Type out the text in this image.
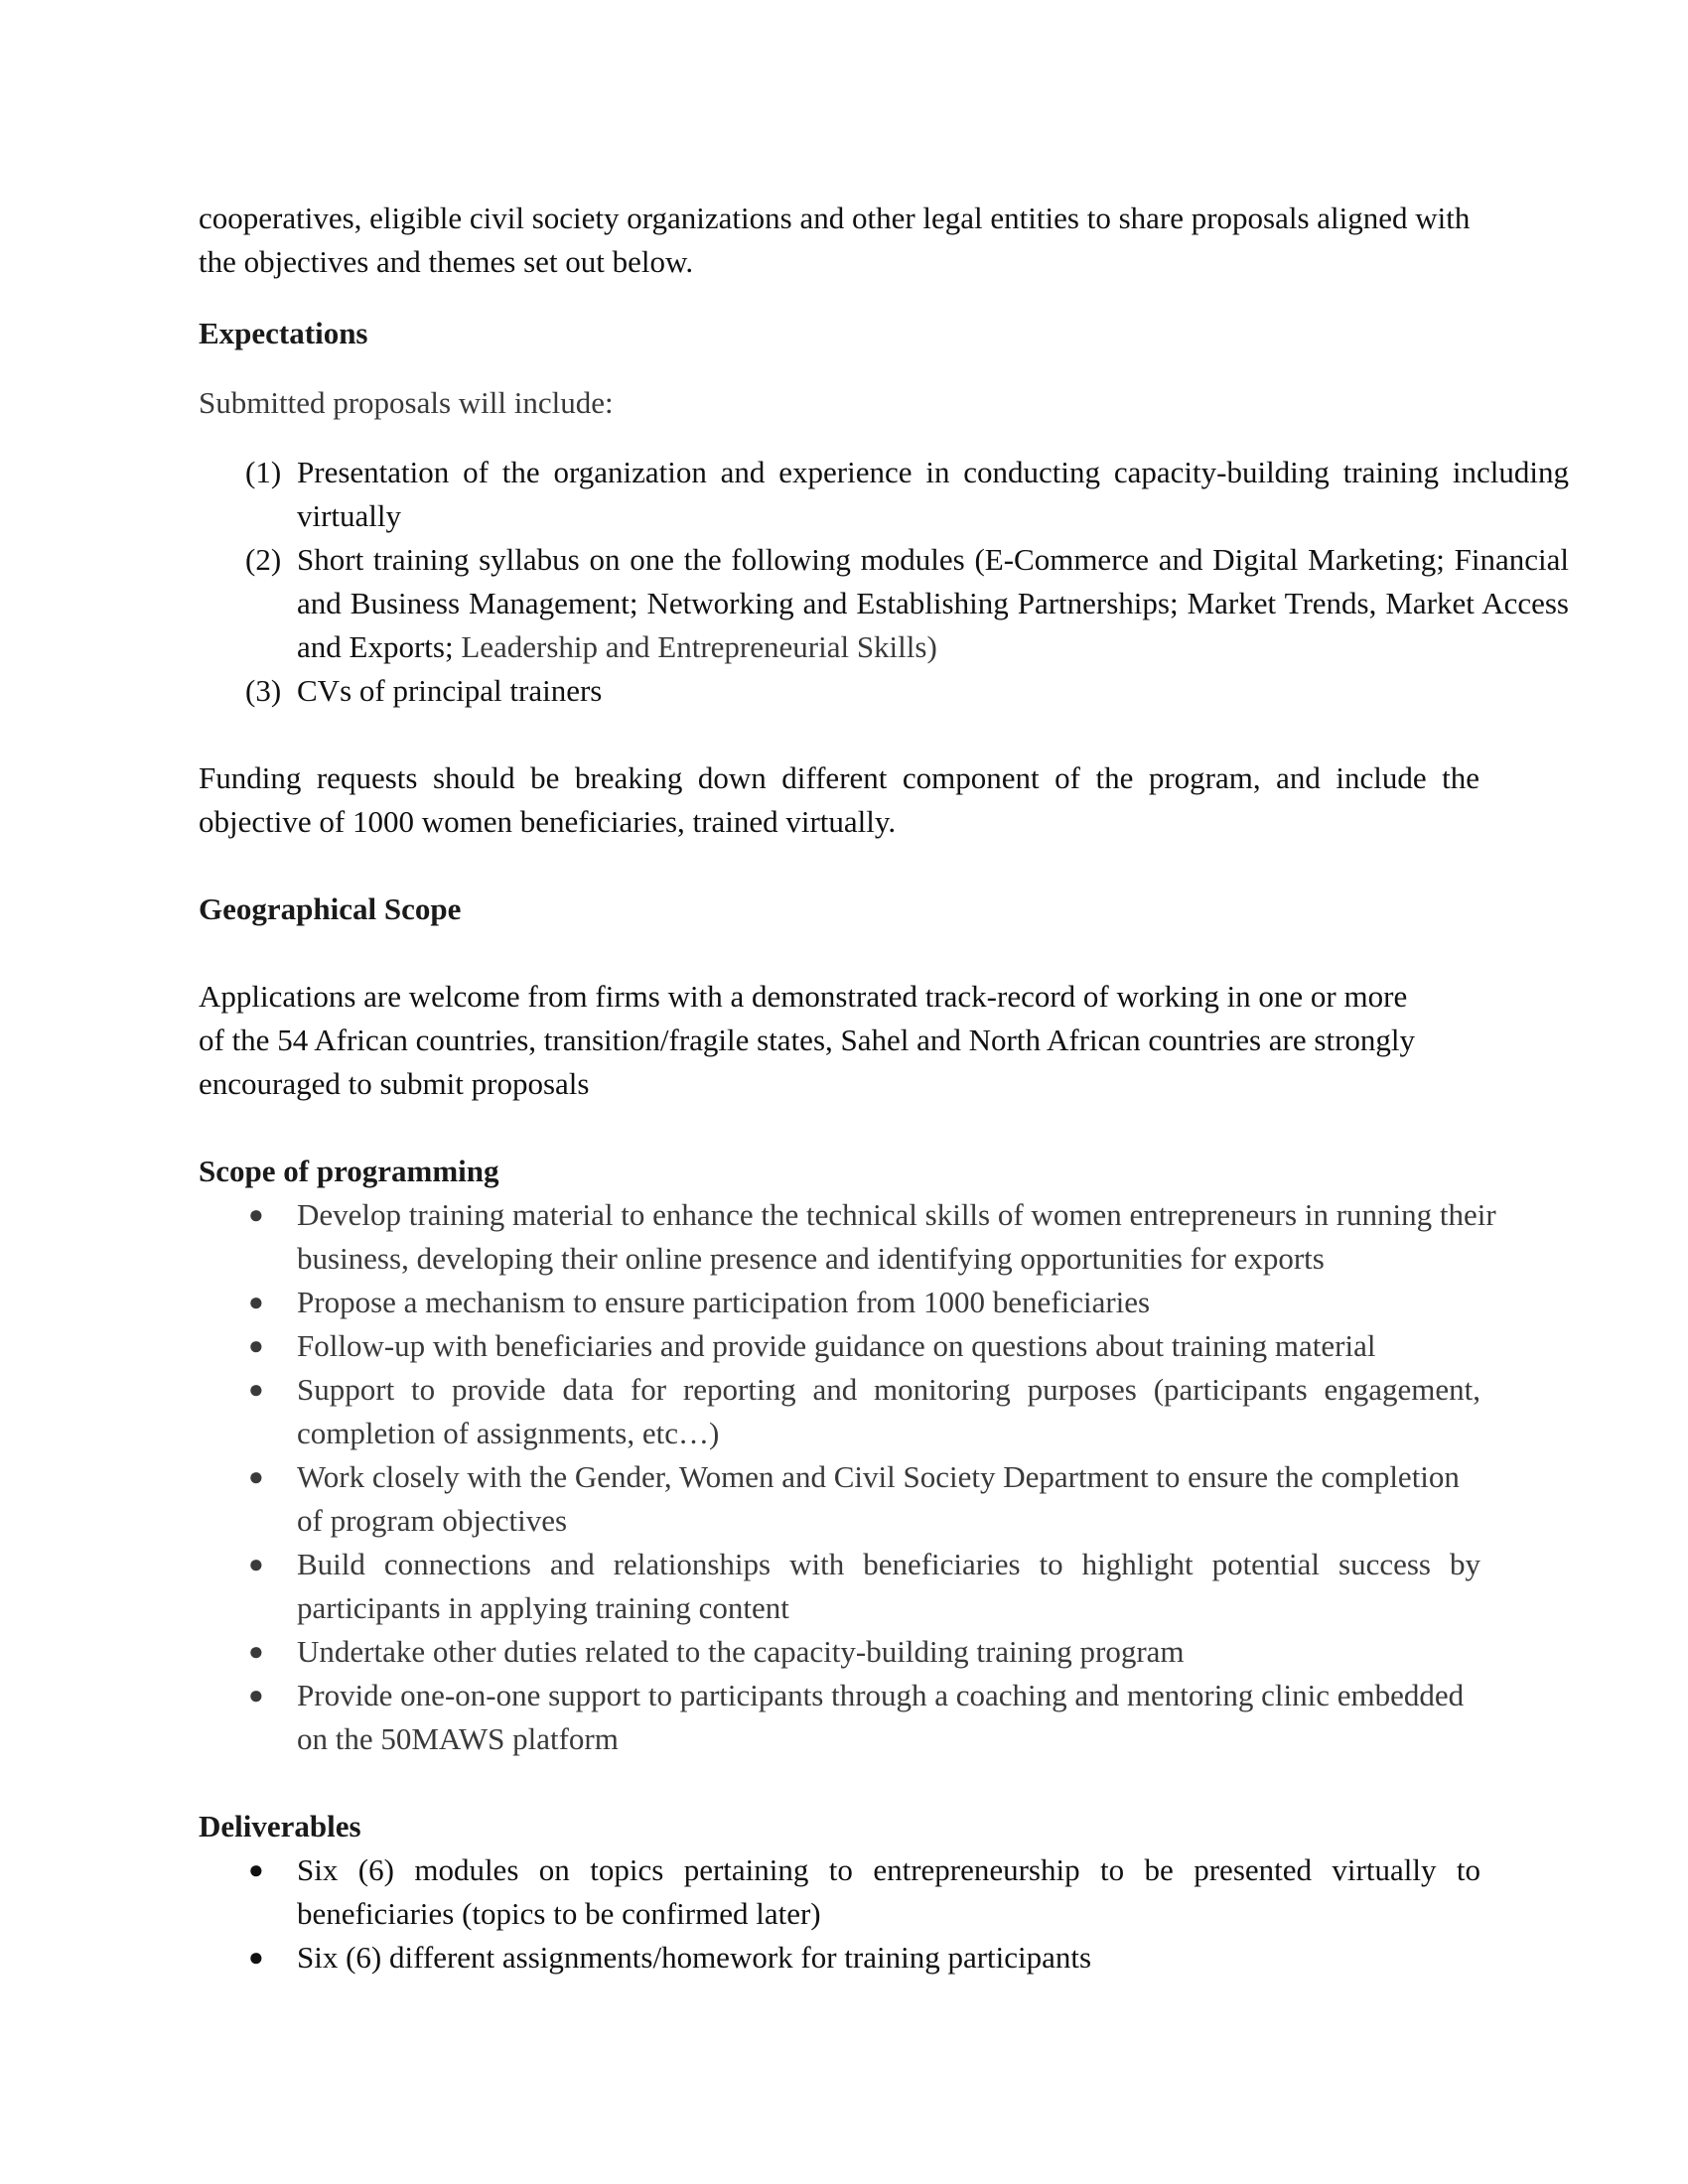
cooperatives, eligible civil society organizations and other legal entities to share proposals aligned with

the objectives and themes set out below.

Expectations

Submitted proposals will include:

(1) Presentation of the organization and experience in conducting capacity-building training including virtually
(2) Short training syllabus on one the following modules (E-Commerce and Digital Marketing; Financial and Business Management; Networking and Establishing Partnerships; Market Trends, Market Access and Exports; Leadership and Entrepreneurial Skills)
(3) CVs of principal trainers

Funding requests should be breaking down different component of the program, and include the objective of 1000 women beneficiaries, trained virtually.

Geographical Scope

Applications are welcome from firms with a demonstrated track-record of working in one or more

of the 54 African countries, transition/fragile states, Sahel and North African countries are strongly

encouraged to submit proposals

Scope of programming
● Develop training material to enhance the technical skills of women entrepreneurs in running their business, developing their online presence and identifying opportunities for exports
● Propose a mechanism to ensure participation from 1000 beneficiaries
● Follow-up with beneficiaries and provide guidance on questions about training material
● Support to provide data for reporting and monitoring purposes (participants engagement, completion of assignments, etc…)
● Work closely with the Gender, Women and Civil Society Department to ensure the completion of program objectives
● Build connections and relationships with beneficiaries to highlight potential success by participants in applying training content
● Undertake other duties related to the capacity-building training program
● Provide one-on-one support to participants through a coaching and mentoring clinic embedded on the 50MAWS platform
Deliverables
● Six (6) modules on topics pertaining to entrepreneurship to be presented virtually to beneficiaries (topics to be confirmed later)
● Six (6) different assignments/homework for training participants
